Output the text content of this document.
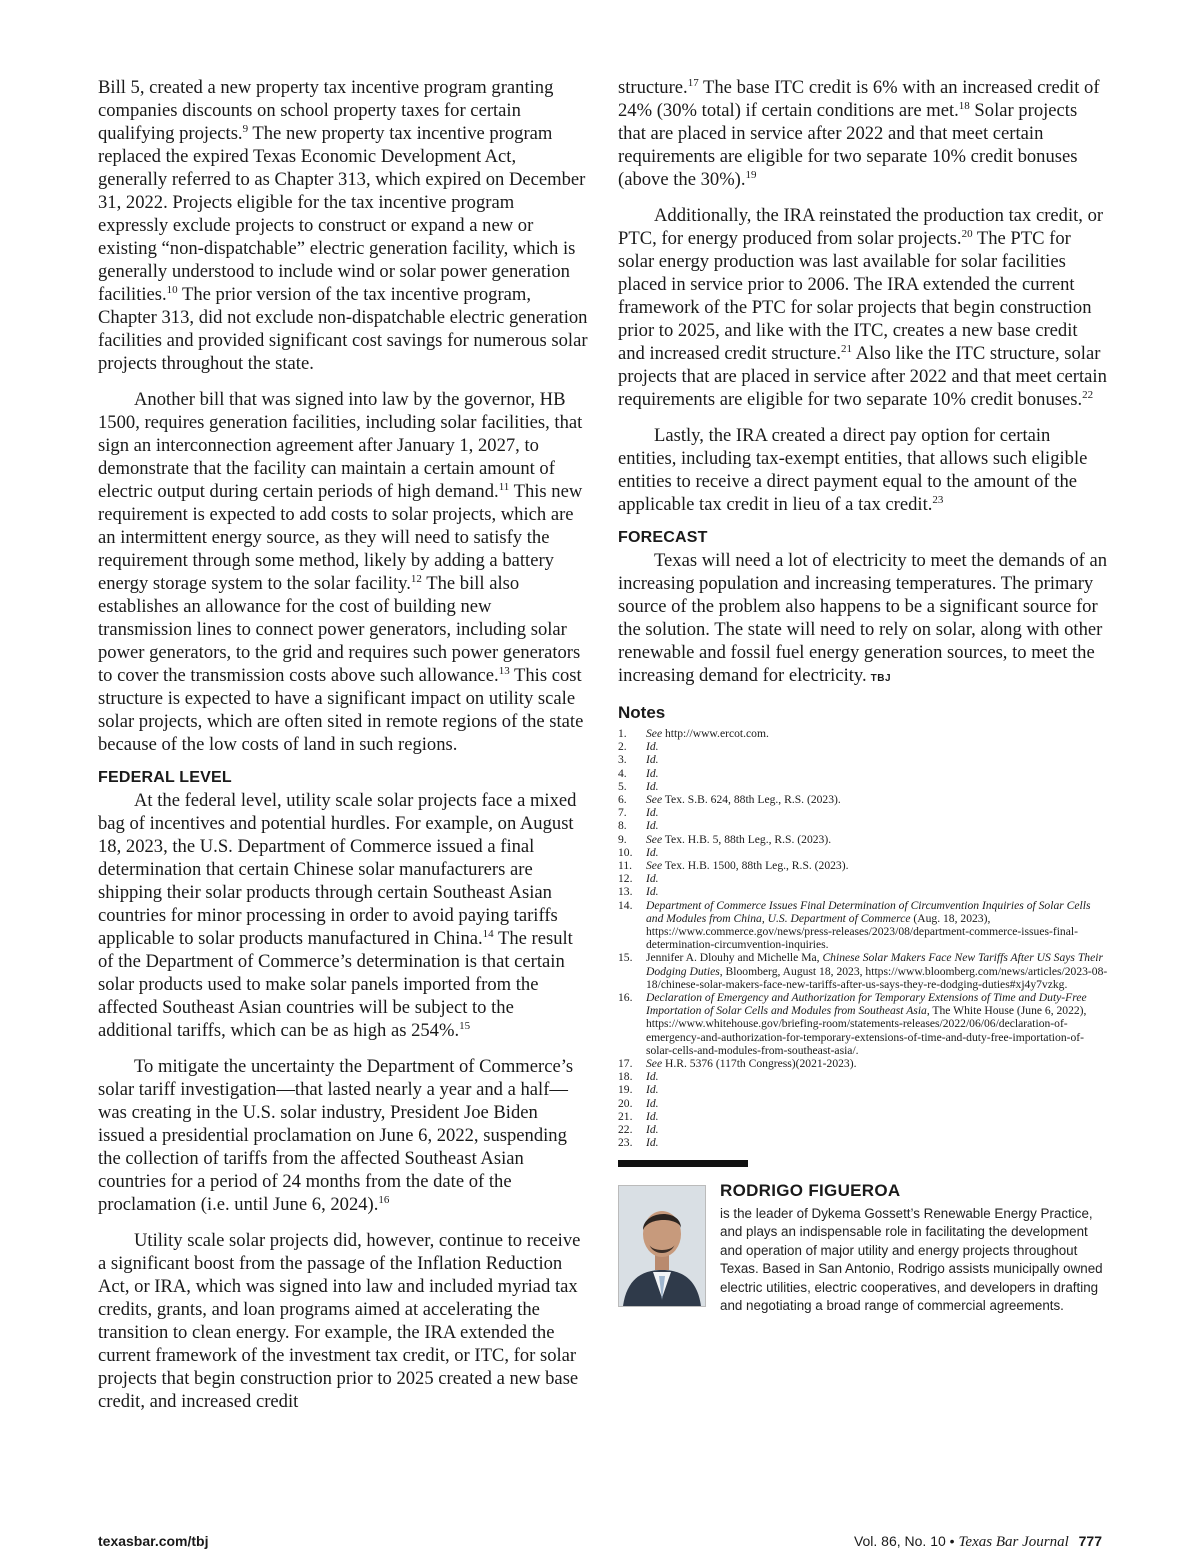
Bill 5, created a new property tax incentive program granting companies discounts on school property taxes for certain qualifying projects.$^9$ The new property tax incentive program replaced the expired Texas Economic Development Act, generally referred to as Chapter 313, which expired on December 31, 2022. Projects eligible for the tax incentive program expressly exclude projects to construct or expand a new or existing “non-dispatchable” electric generation facility, which is generally understood to include wind or solar power generation facilities.$^{10}$ The prior version of the tax incentive program, Chapter 313, did not exclude non-dispatchable electric generation facilities and provided significant cost savings for numerous solar projects throughout the state.

Another bill that was signed into law by the governor, HB 1500, requires generation facilities, including solar facilities, that sign an interconnection agreement after January 1, 2027, to demonstrate that the facility can maintain a certain amount of electric output during certain periods of high demand.$^{11}$ This new requirement is expected to add costs to solar projects, which are an intermittent energy source, as they will need to satisfy the requirement through some method, likely by adding a battery energy storage system to the solar facility.$^{12}$ The bill also establishes an allowance for the cost of building new transmission lines to connect power generators, including solar power generators, to the grid and requires such power generators to cover the transmission costs above such allowance.$^{13}$ This cost structure is expected to have a significant impact on utility scale solar projects, which are often sited in remote regions of the state because of the low costs of land in such regions.

FEDERAL LEVEL

At the federal level, utility scale solar projects face a mixed bag of incentives and potential hurdles. For example, on August 18, 2023, the U.S. Department of Commerce issued a final determination that certain Chinese solar manufacturers are shipping their solar products through certain Southeast Asian countries for minor processing in order to avoid paying tariffs applicable to solar products manufactured in China.$^{14}$ The result of the Department of Commerce’s determination is that certain solar products used to make solar panels imported from the affected Southeast Asian countries will be subject to the additional tariffs, which can be as high as 254%.$^{15}$

To mitigate the uncertainty the Department of Commerce’s solar tariff investigation—that lasted nearly a year and a half—was creating in the U.S. solar industry, President Joe Biden issued a presidential proclamation on June 6, 2022, suspending the collection of tariffs from the affected Southeast Asian countries for a period of 24 months from the date of the proclamation (i.e. until June 6, 2024).$^{16}$

Utility scale solar projects did, however, continue to receive a significant boost from the passage of the Inflation Reduction Act, or IRA, which was signed into law and included myriad tax credits, grants, and loan programs aimed at accelerating the transition to clean energy. For example, the IRA extended the current framework of the investment tax credit, or ITC, for solar projects that begin construction prior to 2025 created a new base credit, and increased credit

structure.$^{17}$ The base ITC credit is 6% with an increased credit of 24% (30% total) if certain conditions are met.$^{18}$ Solar projects that are placed in service after 2022 and that meet certain requirements are eligible for two separate 10% credit bonuses (above the 30%).$^{19}$

Additionally, the IRA reinstated the production tax credit, or PTC, for energy produced from solar projects.$^{20}$ The PTC for solar energy production was last available for solar facilities placed in service prior to 2006. The IRA extended the current framework of the PTC for solar projects that begin construction prior to 2025, and like with the ITC, creates a new base credit and increased credit structure.$^{21}$ Also like the ITC structure, solar projects that are placed in service after 2022 and that meet certain requirements are eligible for two separate 10% credit bonuses.$^{22}$

Lastly, the IRA created a direct pay option for certain entities, including tax-exempt entities, that allows such eligible entities to receive a direct payment equal to the amount of the applicable tax credit in lieu of a tax credit.$^{23}$

FORECAST

Texas will need a lot of electricity to meet the demands of an increasing population and increasing temperatures. The primary source of the problem also happens to be a significant source for the solution. The state will need to rely on solar, along with other renewable and fossil fuel energy generation sources, to meet the increasing demand for electricity. TBJ

Notes
1. See http://www.ercot.com.
2. Id.
3. Id.
4. Id.
5. Id.
6. See Tex. S.B. 624, 88th Leg., R.S. (2023).
7. Id.
8. Id.
9. See Tex. H.B. 5, 88th Leg., R.S. (2023).
10. Id.
11. See Tex. H.B. 1500, 88th Leg., R.S. (2023).
12. Id.
13. Id.
14. Department of Commerce Issues Final Determination of Circumvention Inquiries of Solar Cells and Modules from China, U.S. Department of Commerce (Aug. 18, 2023), https://www.commerce.gov/news/press-releases/2023/08/department-commerce-issues-final-determination-circumvention-inquiries.
15. Jennifer A. Dlouhy and Michelle Ma, Chinese Solar Makers Face New Tariffs After US Says Their Dodging Duties, Bloomberg, August 18, 2023, https://www.bloomberg.com/news/articles/2023-08-18/chinese-solar-makers-face-new-tariffs-after-us-says-they-re-dodging-duties#xj4y7vzkg.
16. Declaration of Emergency and Authorization for Temporary Extensions of Time and Duty-Free Importation of Solar Cells and Modules from Southeast Asia, The White House (June 6, 2022), https://www.whitehouse.gov/briefing-room/statements-releases/2022/06/06/declaration-of-emergency-and-authorization-for-temporary-extensions-of-time-and-duty-free-importation-of-solar-cells-and-modules-from-southeast-asia/.
17. See H.R. 5376 (117th Congress)(2021-2023).
18. Id.
19. Id.
20. Id.
21. Id.
22. Id.
23. Id.

RODRIGO FIGUEROA

is the leader of Dykema Gossett’s Renewable Energy Practice, and plays an indispensable role in facilitating the development and operation of major utility and energy projects throughout Texas. Based in San Antonio, Rodrigo assists municipally owned electric utilities, electric cooperatives, and developers in drafting and negotiating a broad range of commercial agreements.

texasbar.com/tbj	Vol. 86, No. 10 • Texas Bar Journal 777
